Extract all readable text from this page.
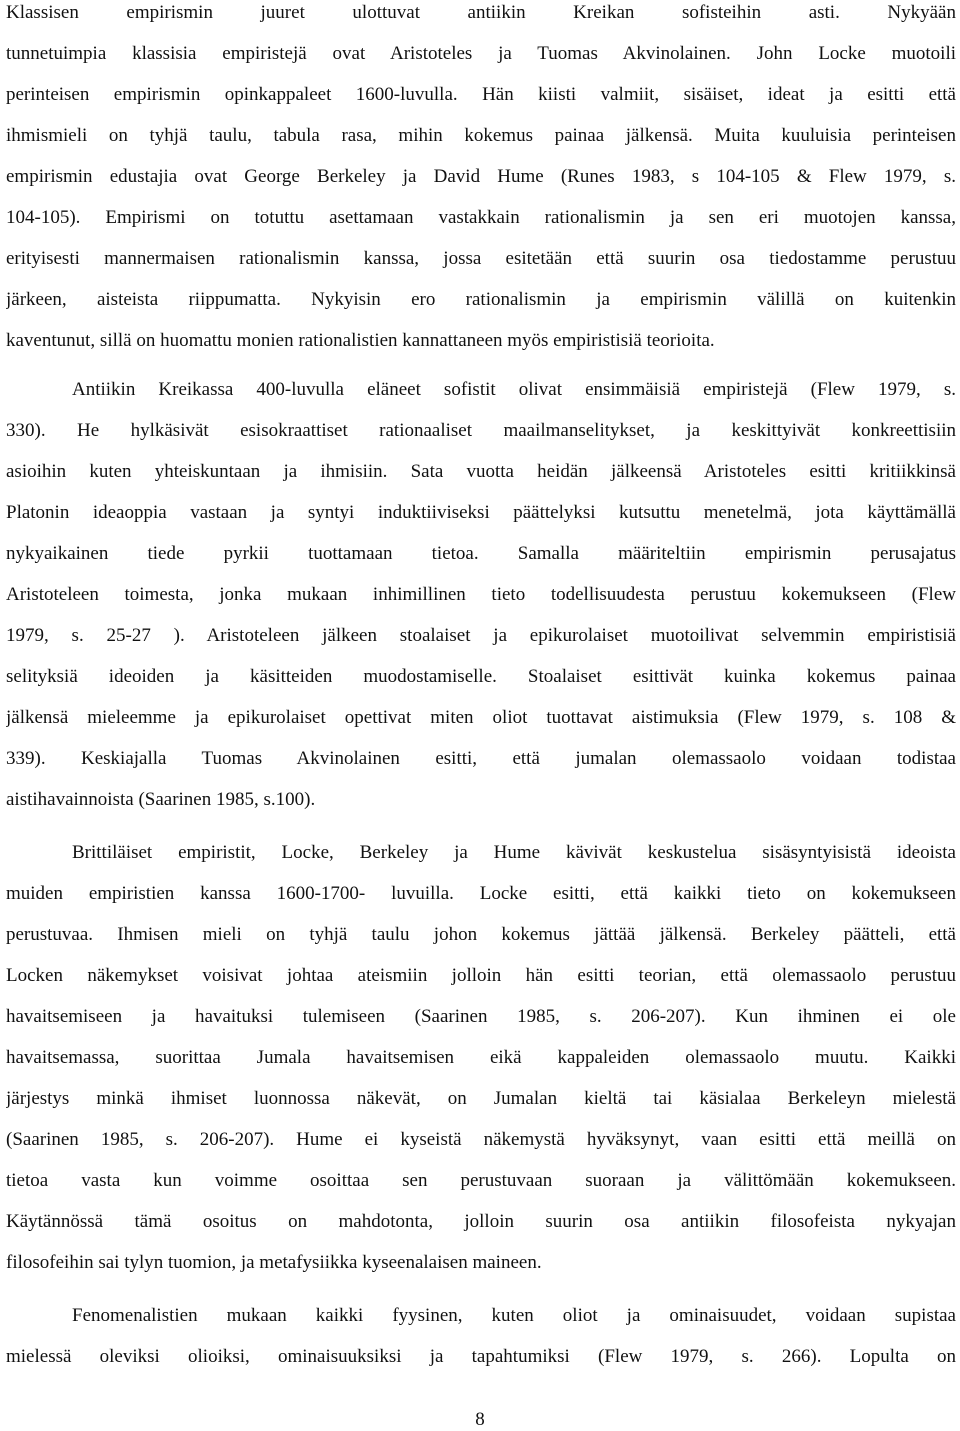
Klassisen empirismin juuret ulottuvat antiikin Kreikan sofisteihin asti. Nykyään
tunnetuimpia klassisia empiristejä ovat Aristoteles ja Tuomas Akvinolainen. John Locke muotoili
perinteisen empirismin opinkappaleet 1600-luvulla. Hän kiisti valmiit, sisäiset, ideat ja esitti että
ihmismieli on tyhjä taulu, tabula rasa, mihin kokemus painaa jälkensä. Muita kuuluisia perinteisen
empirismin edustajia ovat George Berkeley ja David Hume (Runes 1983, s 104-105 & Flew 1979, s.
104-105). Empirismi on totuttu asettamaan vastakkain rationalismin ja sen eri muotojen kanssa,
erityisesti mannermaisen rationalismin kanssa, jossa esitetään että suurin osa tiedostamme perustuu
järkeen, aisteista riippumatta. Nykyisin ero rationalismin ja empirismin välillä on kuitenkin
kaventunut, sillä on huomattu monien rationalistien kannattaneen myös empiristisiä teorioita.
Antiikin Kreikassa 400-luvulla eläneet sofistit olivat ensimmäisiä empiristejä (Flew 1979, s.
330). He hylkäsivät esisokraattiset rationaaliset maailmanselitykset, ja keskittyivät konkreettisiin
asioihin kuten yhteiskuntaan ja ihmisiin. Sata vuotta heidän jälkeensä Aristoteles esitti kritiikkinsä
Platonin ideaoppia vastaan ja syntyi induktiiviseksi päättelyksi kutsuttu menetelmä, jota käyttämällä
nykyaikainen tiede pyrkii tuottamaan tietoa. Samalla määriteltiin empirismin perusajatus
Aristoteleen toimesta, jonka mukaan inhimillinen tieto todellisuudesta perustuu kokemukseen (Flew
1979, s. 25-27 ). Aristoteleen jälkeen stoalaiset ja epikurolaiset muotoilivat selvemmin empiristisiä
selityksiä ideoiden ja käsitteiden muodostamiselle. Stoalaiset esittivät kuinka kokemus painaa
jälkensä mieleemme ja epikurolaiset opettivat miten oliot tuottavat aistimuksia (Flew 1979, s. 108 &
339). Keskiajalla Tuomas Akvinolainen esitti, että jumalan olemassaolo voidaan todistaa
aistihavainnoista (Saarinen 1985, s.100).
Brittiläiset empiristit, Locke, Berkeley ja Hume kävivät keskustelua sisäsyntyisistä ideoista
muiden empiristien kanssa 1600-1700- luvuilla. Locke esitti, että kaikki tieto on kokemukseen
perustuvaa. Ihmisen mieli on tyhjä taulu johon kokemus jättää jälkensä. Berkeley päätteli, että
Locken näkemykset voisivat johtaa ateismiin jolloin hän esitti teorian, että olemassaolo perustuu
havaitsemiseen ja havaituksi tulemiseen (Saarinen 1985, s. 206-207). Kun ihminen ei ole
havaitsemassa, suorittaa Jumala havaitsemisen eikä kappaleiden olemassaolo muutu. Kaikki
järjestys minkä ihmiset luonnossa näkevät, on Jumalan kieltä tai käsialaa Berkeleyn mielestä
(Saarinen 1985, s. 206-207). Hume ei kyseistä näkemystä hyväksynyt, vaan esitti että meillä on
tietoa vasta kun voimme osoittaa sen perustuvaan suoraan ja välittömään kokemukseen.
Käytännössä tämä osoitus on mahdotonta, jolloin suurin osa antiikin filosofeista nykyajan
filosofeihin sai tylyn tuomion, ja metafysiikka kyseenalaisen maineen.
Fenomenalistien mukaan kaikki fyysinen, kuten oliot ja ominaisuudet, voidaan supistaa
mielessä oleviksi olioiksi, ominaisuuksiksi ja tapahtumiksi (Flew 1979, s. 266). Lopulta on
8
